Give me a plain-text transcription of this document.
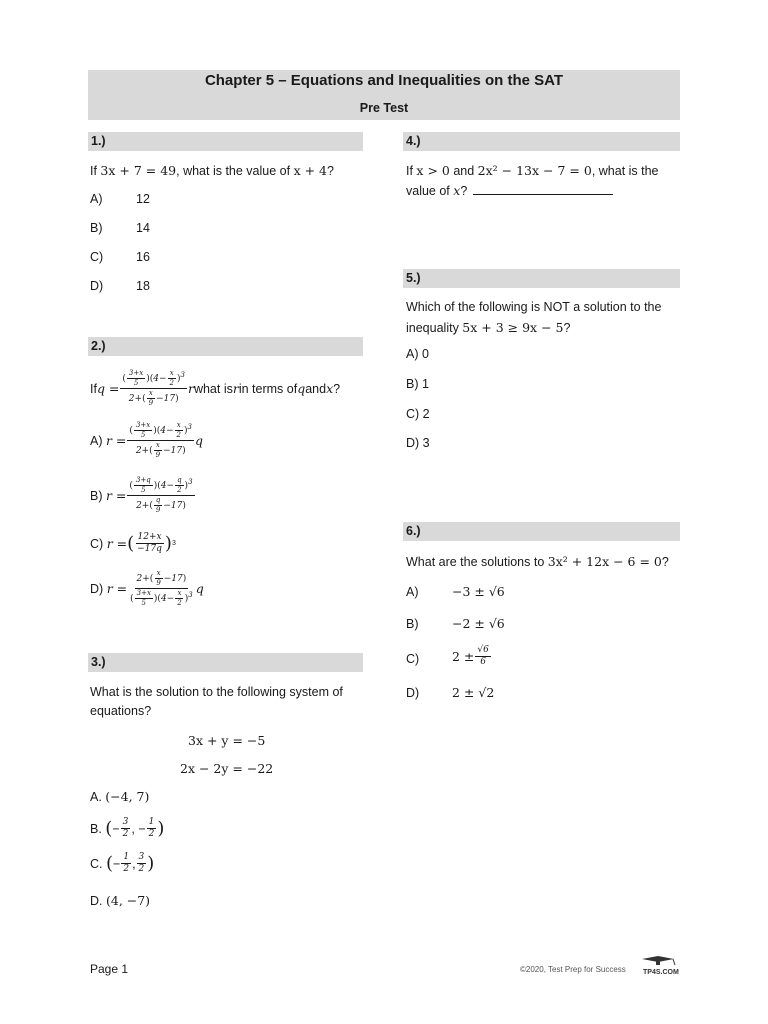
Chapter 5 – Equations and Inequalities on the SAT
Pre Test
1.)
If 3x + 7 = 49, what is the value of x + 4?
A)	12
B)	14
C)	16
D)	18
2.)
If $q = \frac{( \frac{3+x}{5} )(4- \frac{x}{2} )^3}{2+( \frac{x}{9} -17)}$ r what is r in terms of q and x ?
A)
$r = \frac{( \frac{3+x}{5} )(4- \frac{x}{2} )^3}{2+( \frac{x}{9} -17)}$ q
B)
$r = \frac{( \frac{3+q}{5} )(4- \frac{q}{2} )^3}{2+( \frac{q}{9} -17)}$
C)
r = ( $\frac{12+x}{-17q}$ ) 3
D)
$r = \frac{2+( \frac{x}{9} -17)}{( \frac{3+x}{5} )(4- \frac{x}{2} )^3}$ q
3.)
What is the solution to the following system of equations?
3x + y = −5
2x − 2y = −22
A. (−4, 7)
B.
( − $\frac{3}{2}$ , − $\frac{1}{2}$ )
C.
( − $\frac{1}{2}$ , $\frac{3}{2}$ )
D. (4, −7)
4.)
If x > 0 and 2x² − 13x − 7 = 0, what is the
value of x?
5.)
Which of the following is NOT a solution to the
inequality 5x + 3 ≥ 9x − 5?
A) 0
B) 1
C) 2
D) 3
6.)
What are the solutions to 3x² + 12x − 6 = 0?
A)	−3 ± √6
B)	−2 ± √6
C)	$2 \pm \frac{√6}{6}$
D)	2 ± √2
Page 1	©2020, Test Prep for Success TP4S.COM
